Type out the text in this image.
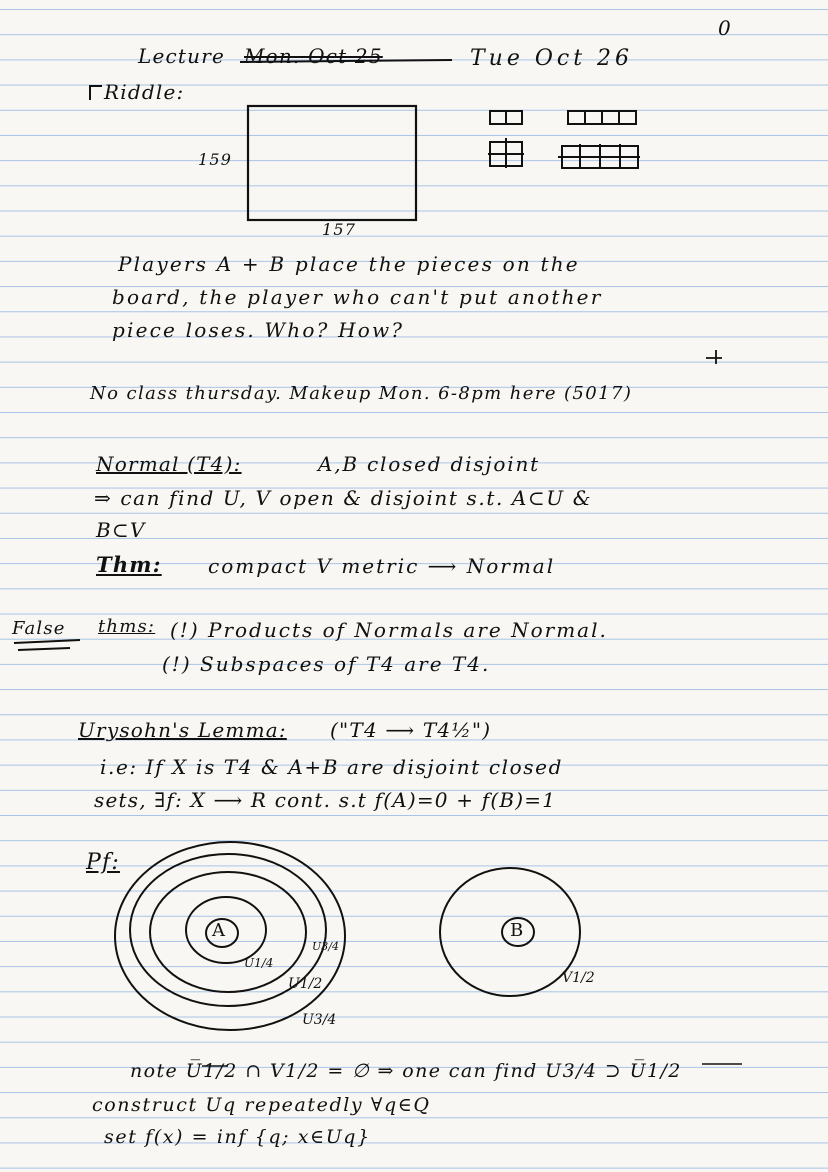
0
Lecture Mon. Oct 25	Tue Oct 26
Riddle:
159
157
Players A + B place the pieces on the
board, the player who can't put another
piece loses. Who? How?
No class thursday. Makeup Mon. 6-8pm here (5017)
Normal (T4):	A,B closed disjoint
⇒ can find U, V open & disjoint s.t. A⊂U &
B⊂V
Thm: compact V metric ⟶ Normal
False thms: (!) Products of Normals are Normal.
(!) Subspaces of T4 are T4.
Urysohn's Lemma: ("T4 ⟶ T4½")
i.e: If X is T4 & A+B are disjoint closed
sets, ∃f: X ⟶ R cont. s.t f(A)=0 + f(B)=1
Pf:
A	B
U1/4
U3/4
U1/2
U3/4
V1/2
note U̅1/2 ∩ V1/2 = ∅ ⇒ one can find U3/4 ⊃ U̅1/2
construct Uq repeatedly ∀q∈Q
set f(x) = inf {q; x∈Uq}
